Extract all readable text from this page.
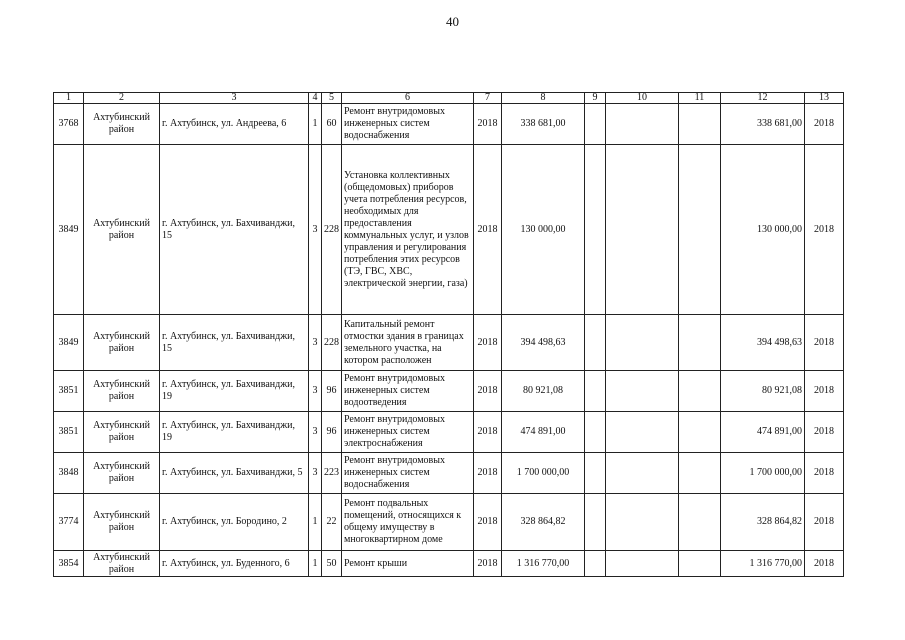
40
1	2	3	4	5	6	7	8	9	10	11	12	13
3768	Ахтубинский район	г. Ахтубинск, ул. Андреева, 6	1	60	Ремонт внутридомовых инженерных систем водоснабжения	2018	338 681,00				338 681,00	2018
3849	Ахтубинский район	г. Ахтубинск, ул. Бахчиванджи, 15	3	228	Установка коллективных (общедомовых) приборов учета потребления ресурсов, необходимых для предоставления коммунальных услуг, и узлов управления и регулирования потребления этих ресурсов (ТЭ, ГВС, ХВС, электрической энергии, газа)	2018	130 000,00				130 000,00	2018
3849	Ахтубинский район	г. Ахтубинск, ул. Бахчиванджи, 15	3	228	Капитальный ремонт отмостки здания в границах земельного участка, на котором расположен	2018	394 498,63				394 498,63	2018
3851	Ахтубинский район	г. Ахтубинск, ул. Бахчиванджи, 19	3	96	Ремонт внутридомовых инженерных систем водоотведения	2018	80 921,08				80 921,08	2018
3851	Ахтубинский район	г. Ахтубинск, ул. Бахчиванджи, 19	3	96	Ремонт внутридомовых инженерных систем электроснабжения	2018	474 891,00				474 891,00	2018
3848	Ахтубинский район	г. Ахтубинск, ул. Бахчиванджи, 5	3	223	Ремонт внутридомовых инженерных систем водоснабжения	2018	1 700 000,00				1 700 000,00	2018
3774	Ахтубинский район	г. Ахтубинск, ул. Бородино, 2	1	22	Ремонт подвальных помещений, относящихся к общему имуществу в многоквартирном доме	2018	328 864,82				328 864,82	2018
3854	Ахтубинский район	г. Ахтубинск, ул. Буденного, 6	1	50	Ремонт крыши	2018	1 316 770,00				1 316 770,00	2018
